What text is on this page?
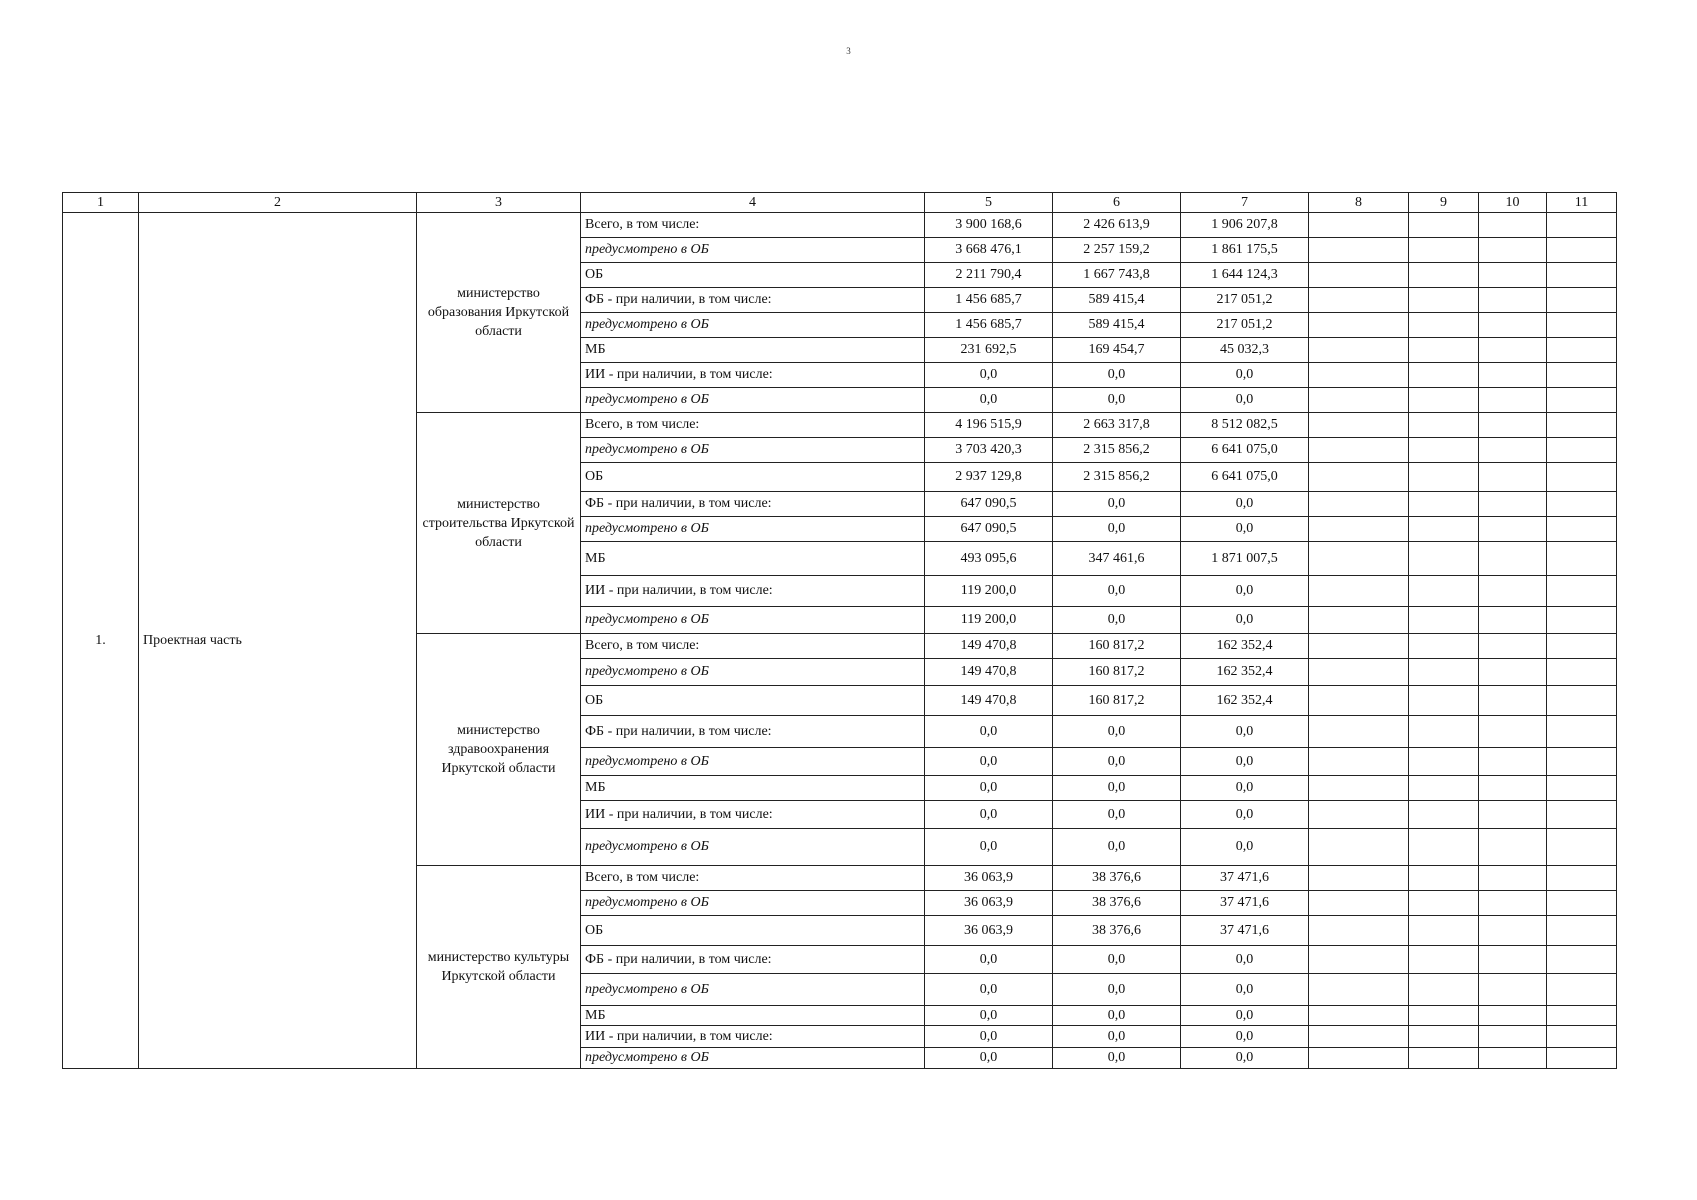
3
1	2	3	4	5	6	7	8	9	10	11
1.	Проектная часть	министерство образования Иркутской области	Всего, в том числе:	3 900 168,6	2 426 613,9	1 906 207,8				
			предусмотрено в ОБ	3 668 476,1	2 257 159,2	1 861 175,5				
			ОБ	2 211 790,4	1 667 743,8	1 644 124,3				
			ФБ - при наличии, в том числе:	1 456 685,7	589 415,4	217 051,2				
			предусмотрено в ОБ	1 456 685,7	589 415,4	217 051,2				
			МБ	231 692,5	169 454,7	45 032,3				
			ИИ - при наличии, в том числе:	0,0	0,0	0,0				
			предусмотрено в ОБ	0,0	0,0	0,0				
		министерство строительства Иркутской области	Всего, в том числе:	4 196 515,9	2 663 317,8	8 512 082,5				
			предусмотрено в ОБ	3 703 420,3	2 315 856,2	6 641 075,0				
			ОБ	2 937 129,8	2 315 856,2	6 641 075,0				
			ФБ - при наличии, в том числе:	647 090,5	0,0	0,0				
			предусмотрено в ОБ	647 090,5	0,0	0,0				
			МБ	493 095,6	347 461,6	1 871 007,5				
			ИИ - при наличии, в том числе:	119 200,0	0,0	0,0				
			предусмотрено в ОБ	119 200,0	0,0	0,0				
		министерство здравоохранения Иркутской области	Всего, в том числе:	149 470,8	160 817,2	162 352,4				
			предусмотрено в ОБ	149 470,8	160 817,2	162 352,4				
			ОБ	149 470,8	160 817,2	162 352,4				
			ФБ - при наличии, в том числе:	0,0	0,0	0,0				
			предусмотрено в ОБ	0,0	0,0	0,0				
			МБ	0,0	0,0	0,0				
			ИИ - при наличии, в том числе:	0,0	0,0	0,0				
			предусмотрено в ОБ	0,0	0,0	0,0				
		министерство культуры Иркутской области	Всего, в том числе:	36 063,9	38 376,6	37 471,6				
			предусмотрено в ОБ	36 063,9	38 376,6	37 471,6				
			ОБ	36 063,9	38 376,6	37 471,6				
			ФБ - при наличии, в том числе:	0,0	0,0	0,0				
			предусмотрено в ОБ	0,0	0,0	0,0				
			МБ	0,0	0,0	0,0				
			ИИ - при наличии, в том числе:	0,0	0,0	0,0				
			предусмотрено в ОБ	0,0	0,0	0,0				
